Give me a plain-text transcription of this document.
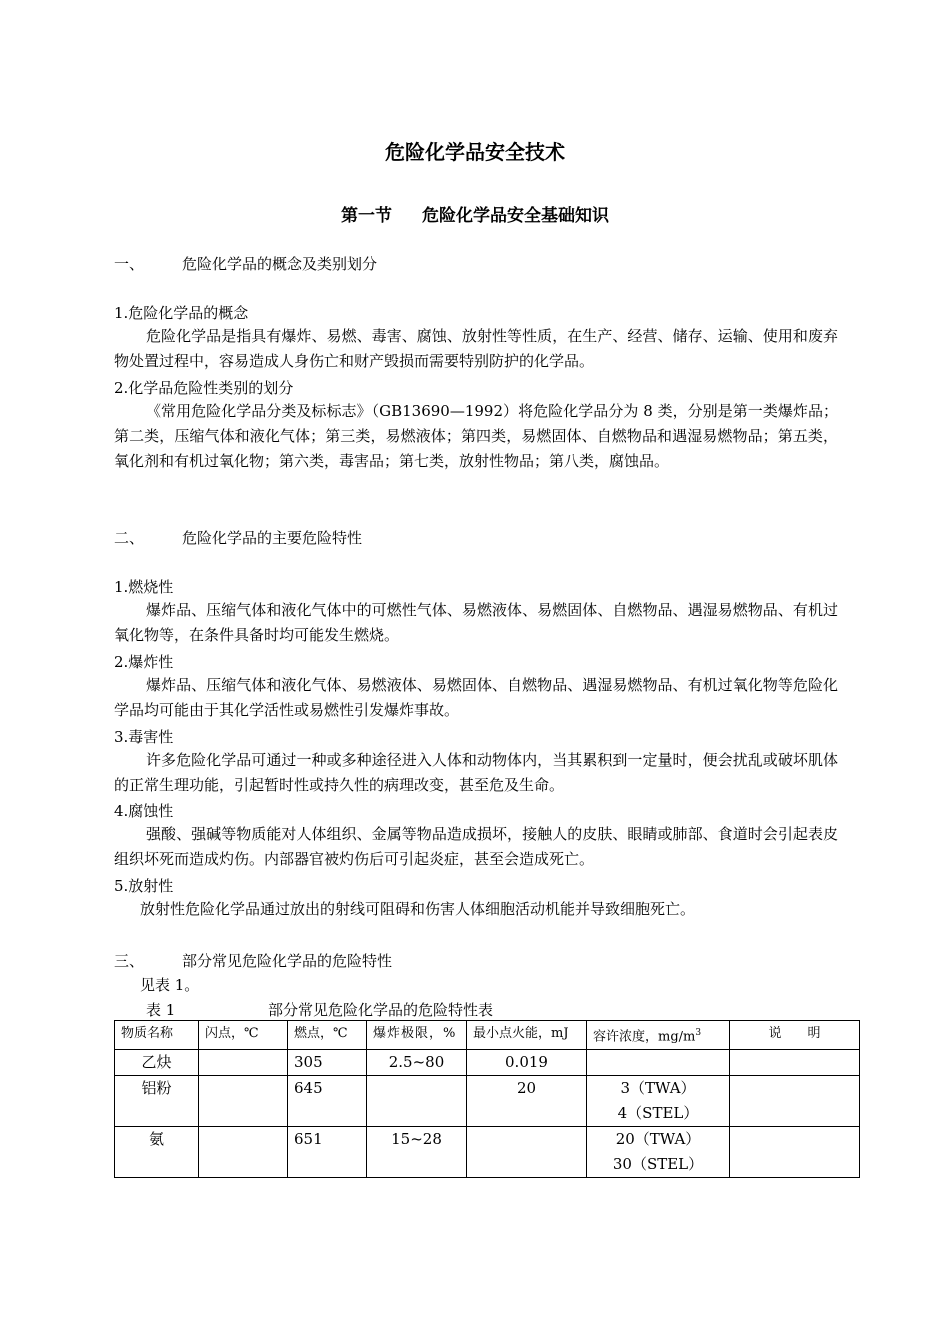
危险化学品安全技术
第一节 危险化学品安全基础知识
一、	危险化学品的概念及类别划分
1.危险化学品的概念

危险化学品是指具有爆炸、易燃、毒害、腐蚀、放射性等性质，在生产、经营、储存、运输、使用和废弃物处置过程中，容易造成人身伤亡和财产毁损而需要特别防护的化学品。

2.化学品危险性类别的划分

《常用危险化学品分类及标标志》（GB13690—1992）将危险化学品分为 8 类，分别是第一类爆炸品；第二类，压缩气体和液化气体；第三类，易燃液体；第四类，易燃固体、自燃物品和遇湿易燃物品；第五类，氧化剂和有机过氧化物；第六类，毒害品；第七类，放射性物品；第八类，腐蚀品。

二、	危险化学品的主要危险特性
1.燃烧性

爆炸品、压缩气体和液化气体中的可燃性气体、易燃液体、易燃固体、自燃物品、遇湿易燃物品、有机过氧化物等，在条件具备时均可能发生燃烧。

2.爆炸性

爆炸品、压缩气体和液化气体、易燃液体、易燃固体、自燃物品、遇湿易燃物品、有机过氧化物等危险化学品均可能由于其化学活性或易燃性引发爆炸事故。

3.毒害性

许多危险化学品可通过一种或多种途径进入人体和动物体内，当其累积到一定量时，便会扰乱或破坏肌体的正常生理功能，引起暂时性或持久性的病理改变，甚至危及生命。

4.腐蚀性

强酸、强碱等物质能对人体组织、金属等物品造成损坏，接触人的皮肤、眼睛或肺部、食道时会引起表皮组织坏死而造成灼伤。内部器官被灼伤后可引起炎症，甚至会造成死亡。

5.放射性

放射性危险化学品通过放出的射线可阻碍和伤害人体细胞活动机能并导致细胞死亡。

三、	部分常见危险化学品的危险特性
见表 1。
表 1	部分常见危险化学品的危险特性表
物质名称	闪点，℃	燃点，℃	爆炸极限，%	最小点火能，mJ	容许浓度，$mg/m^3$	说　　明
乙炔		305	2.5~80	0.019	

铝粉		645		20	3（TWA）
4（STEL）	

氨		651	15~28		20（TWA）
30（STEL）	
